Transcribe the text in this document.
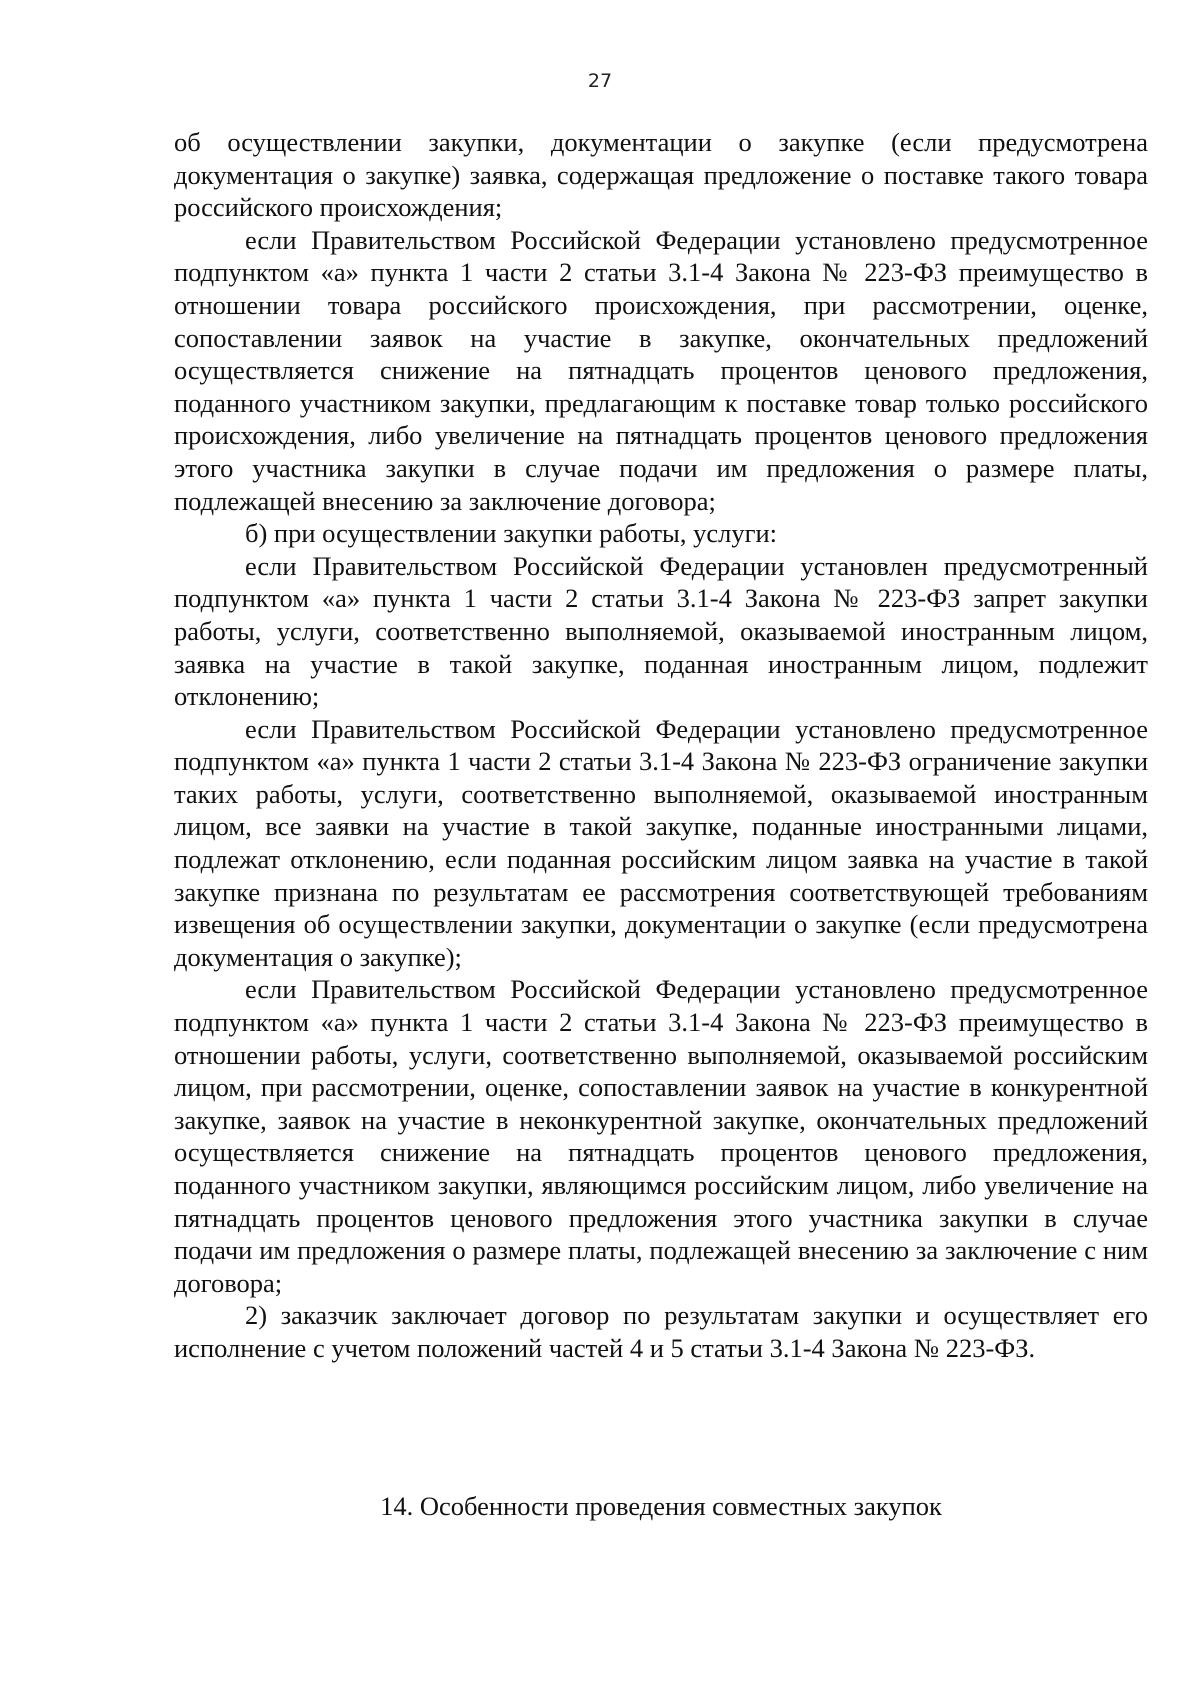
27

об осуществлении закупки, документации о закупке (если предусмотрена документация о закупке) заявка, содержащая предложение о поставке такого товара российского происхождения;

если Правительством Российской Федерации установлено предусмотренное подпунктом «а» пункта 1 части 2 статьи 3.1-4 Закона № 223-ФЗ преимущество в отношении товара российского происхождения, при рассмотрении, оценке, сопоставлении заявок на участие в закупке, окончательных предложений осуществляется снижение на пятнадцать процентов ценового предложения, поданного участником закупки, предлагающим к поставке товар только российского происхождения, либо увеличение на пятнадцать процентов ценового предложения этого участника закупки в случае подачи им предложения о размере платы, подлежащей внесению за заключение договора;

б) при осуществлении закупки работы, услуги:

если Правительством Российской Федерации установлен предусмотренный подпунктом «а» пункта 1 части 2 статьи 3.1-4 Закона № 223-ФЗ запрет закупки работы, услуги, соответственно выполняемой, оказываемой иностранным лицом, заявка на участие в такой закупке, поданная иностранным лицом, подлежит отклонению;

если Правительством Российской Федерации установлено предусмотренное подпунктом «а» пункта 1 части 2 статьи 3.1-4 Закона № 223-ФЗ ограничение закупки таких работы, услуги, соответственно выполняемой, оказываемой иностранным лицом, все заявки на участие в такой закупке, поданные иностранными лицами, подлежат отклонению, если поданная российским лицом заявка на участие в такой закупке признана по результатам ее рассмотрения соответствующей требованиям извещения об осуществлении закупки, документации о закупке (если предусмотрена документация о закупке);

если Правительством Российской Федерации установлено предусмотренное подпунктом «а» пункта 1 части 2 статьи 3.1-4 Закона № 223-ФЗ преимущество в отношении работы, услуги, соответственно выполняемой, оказываемой российским лицом, при рассмотрении, оценке, сопоставлении заявок на участие в конкурентной закупке, заявок на участие в неконкурентной закупке, окончательных предложений осуществляется снижение на пятнадцать процентов ценового предложения, поданного участником закупки, являющимся российским лицом, либо увеличение на пятнадцать процентов ценового предложения этого участника закупки в случае подачи им предложения о размере платы, подлежащей внесению за заключение с ним договора;

2) заказчик заключает договор по результатам закупки и осуществляет его исполнение с учетом положений частей 4 и 5 статьи 3.1-4 Закона № 223-ФЗ.

14. Особенности проведения совместных закупок
